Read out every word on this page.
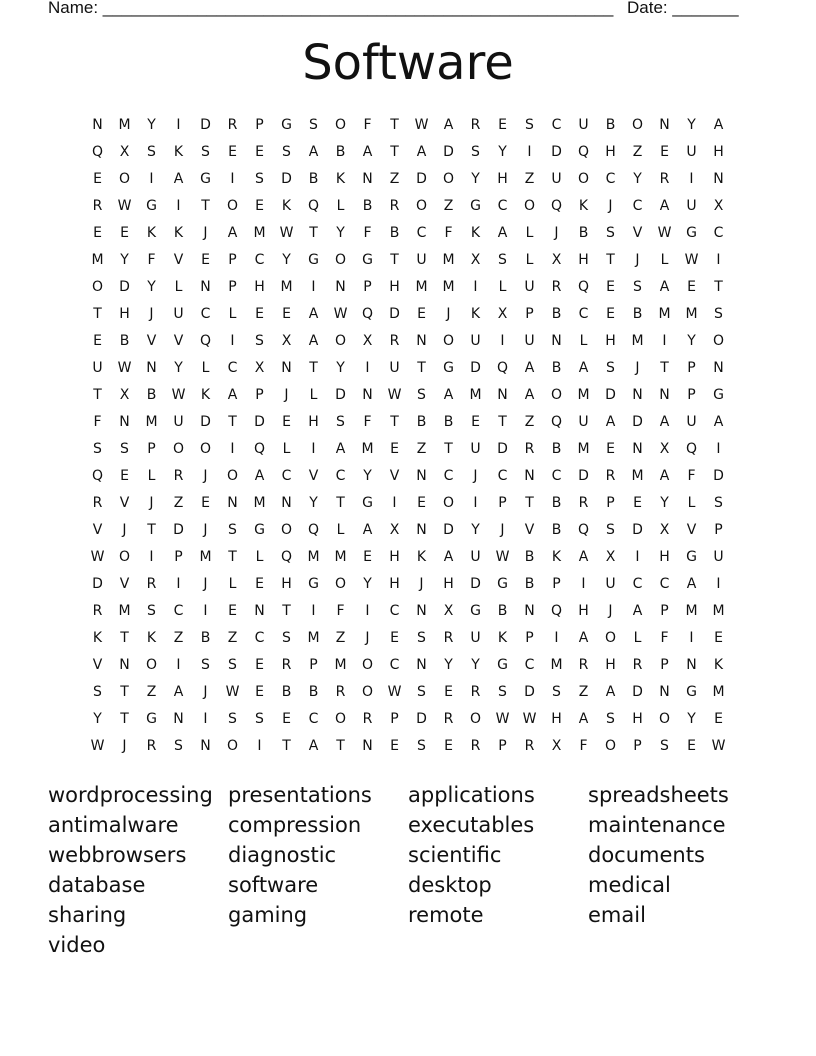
Name: ______________________________________________________ Date: _______
Software
N	M	Y	I	D	R	P	G	S	O	F	T	W	A	R	E	S	C	U	B	O	N	Y	A
Q	X	S	K	S	E	E	S	A	B	A	T	A	D	S	Y	I	D	Q	H	Z	E	U	H
E	O	I	A	G	I	S	D	B	K	N	Z	D	O	Y	H	Z	U	O	C	Y	R	I	N
R	W	G	I	T	O	E	K	Q	L	B	R	O	Z	G	C	O	Q	K	J	C	A	U	X
E	E	K	K	J	A	M	W	T	Y	F	B	C	F	K	A	L	J	B	S	V	W	G	C
M	Y	F	V	E	P	C	Y	G	O	G	T	U	M	X	S	L	X	H	T	J	L	W	I
O	D	Y	L	N	P	H	M	I	N	P	H	M	M	I	L	U	R	Q	E	S	A	E	T
T	H	J	U	C	L	E	E	A	W	Q	D	E	J	K	X	P	B	C	E	B	M	M	S
E	B	V	V	Q	I	S	X	A	O	X	R	N	O	U	I	U	N	L	H	M	I	Y	O
U	W	N	Y	L	C	X	N	T	Y	I	U	T	G	D	Q	A	B	A	S	J	T	P	N
T	X	B	W	K	A	P	J	L	D	N	W	S	A	M	N	A	O	M	D	N	N	P	G
F	N	M	U	D	T	D	E	H	S	F	T	B	B	E	T	Z	Q	U	A	D	A	U	A
S	S	P	O	O	I	Q	L	I	A	M	E	Z	T	U	D	R	B	M	E	N	X	Q	I
Q	E	L	R	J	O	A	C	V	C	Y	V	N	C	J	C	N	C	D	R	M	A	F	D
R	V	J	Z	E	N	M	N	Y	T	G	I	E	O	I	P	T	B	R	P	E	Y	L	S
V	J	T	D	J	S	G	O	Q	L	A	X	N	D	Y	J	V	B	Q	S	D	X	V	P
W	O	I	P	M	T	L	Q	M	M	E	H	K	A	U	W	B	K	A	X	I	H	G	U
D	V	R	I	J	L	E	H	G	O	Y	H	J	H	D	G	B	P	I	U	C	C	A	I
R	M	S	C	I	E	N	T	I	F	I	C	N	X	G	B	N	Q	H	J	A	P	M	M
K	T	K	Z	B	Z	C	S	M	Z	J	E	S	R	U	K	P	I	A	O	L	F	I	E
V	N	O	I	S	S	E	R	P	M	O	C	N	Y	Y	G	C	M	R	H	R	P	N	K
S	T	Z	A	J	W	E	B	B	R	O	W	S	E	R	S	D	S	Z	A	D	N	G	M
Y	T	G	N	I	S	S	E	C	O	R	P	D	R	O	W W	H	A	S	H	O	Y	E
W	J	R	S	N	O	I	T	A	T	N	E	S	E	R	P	R	X	F	O	P	S	E	W
wordprocessing presentations	applications	spreadsheets
antimalware	compression	executables	maintenance
webbrowsers	diagnostic	scientific	documents
database	software	desktop	medical
sharing	gaming	remote	email
video
